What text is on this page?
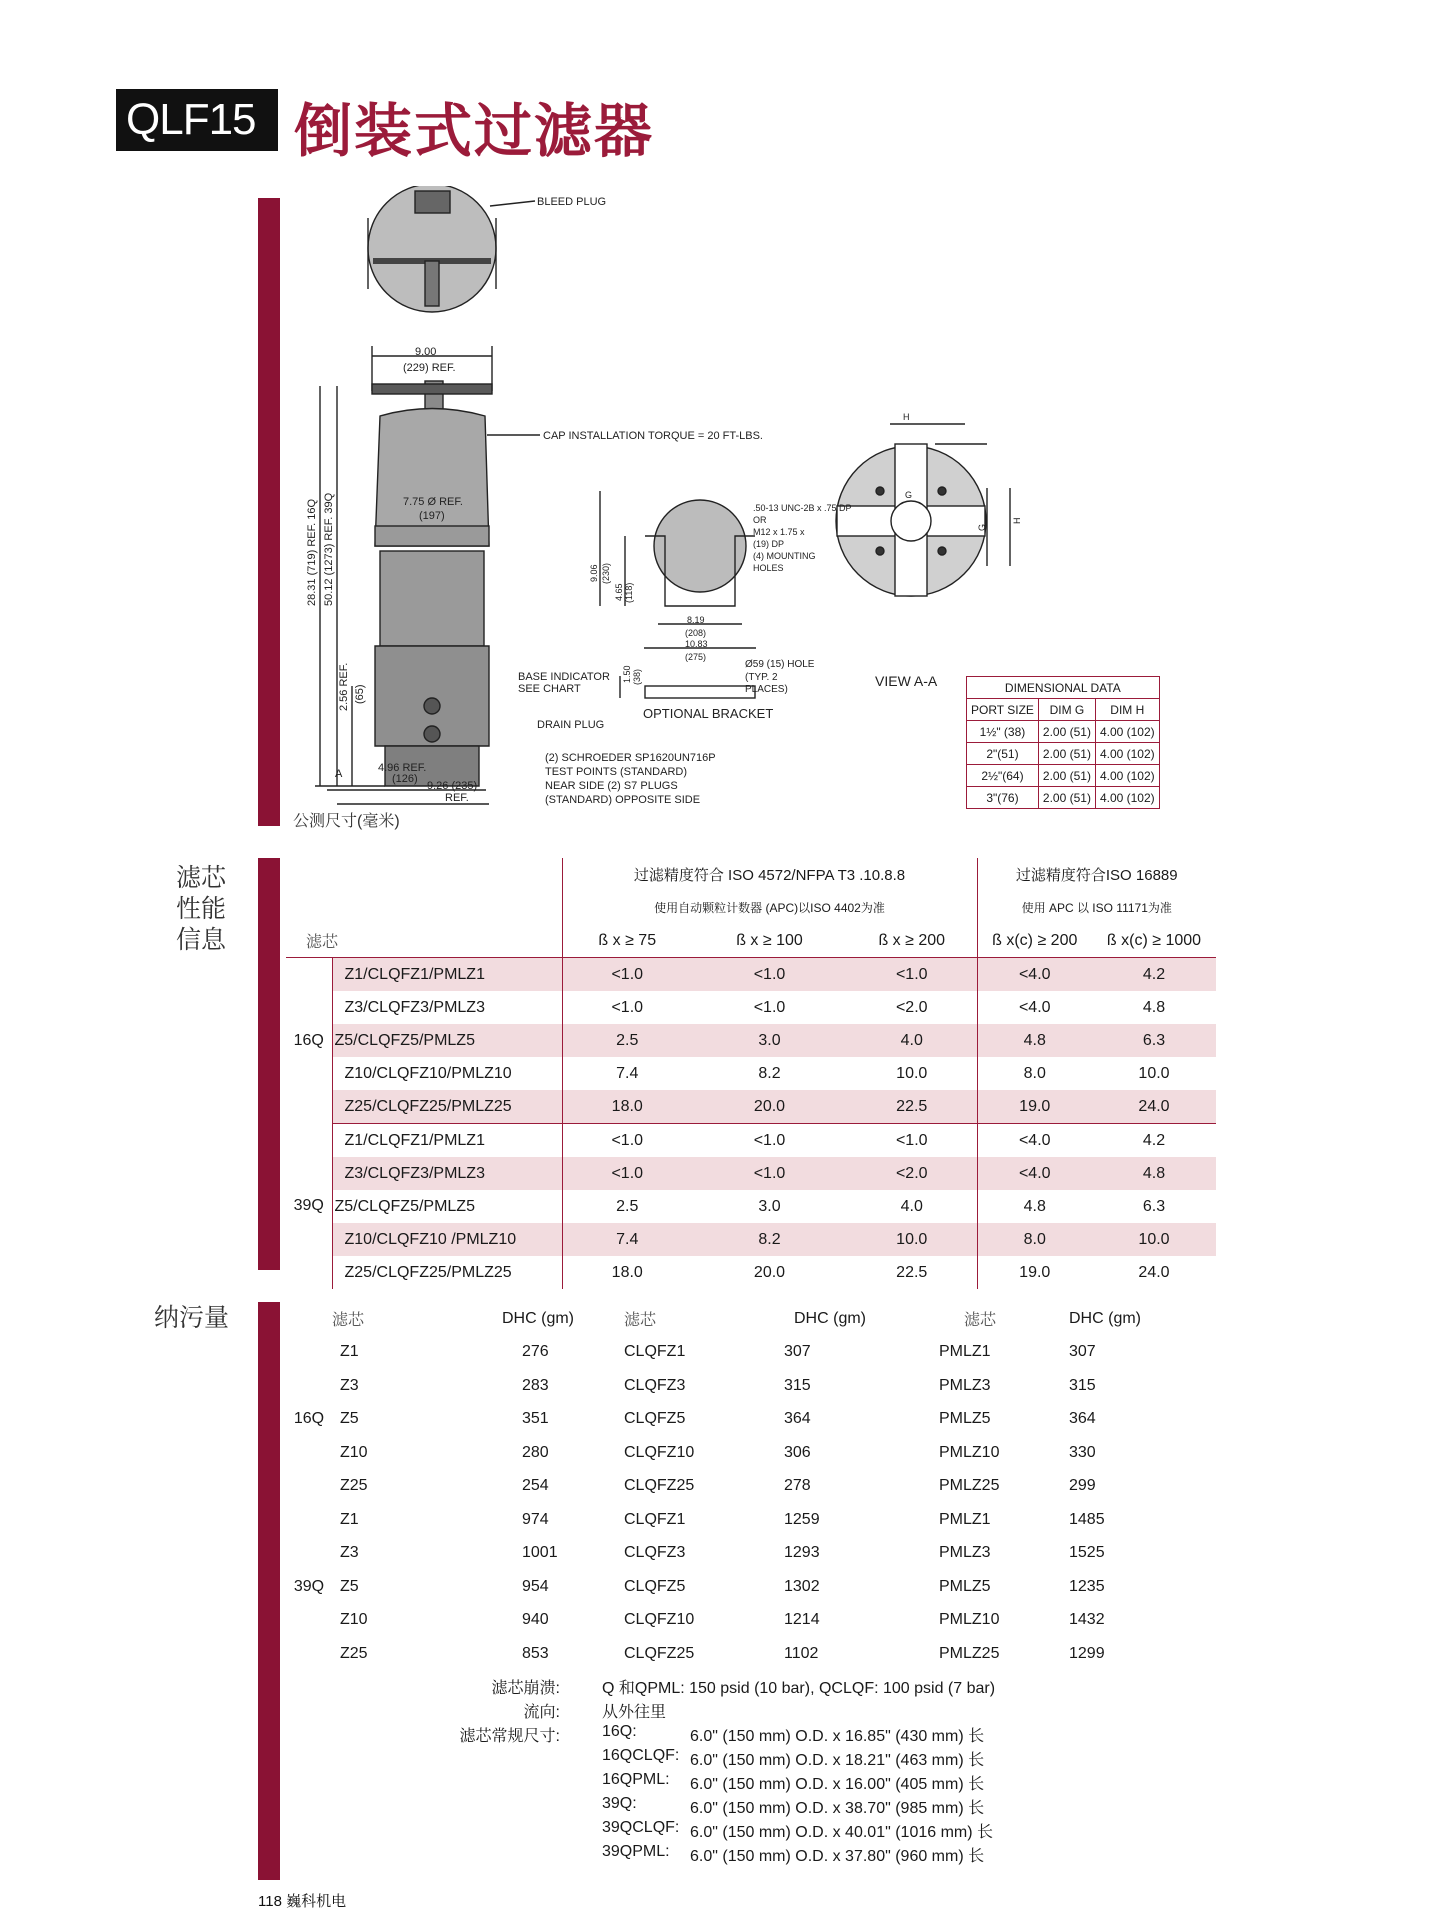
QLF15 倒装式过滤器
BLEED PLUG
9.00
(229) REF.
CAP INSTALLATION TORQUE = 20 FT-LBS.
7.75 Ø REF.
(197)
28.31 (719) REF. 16Q 50.12 (1273) REF. 39Q
2.56 REF. (65)
BASE INDICATOR
SEE CHART
DRAIN PLUG
4.96 REF.
(126)
9.26 (235)
REF.
A
(2) SCHROEDER SP1620UN716P
TEST POINTS (STANDARD)
NEAR SIDE (2) S7 PLUGS
(STANDARD) OPPOSITE SIDE
.50-13 UNC-2B x .75 DP
OR
M12 x 1.75 x
(19) DP
(4) MOUNTING
HOLES
9.06 (230)
4.65 (118)
8.19
(208)
10.83
(275)
1.50 (38)
Ø59 (15) HOLE
(TYP. 2
PLACES)
OPTIONAL BRACKET
VIEW A-A
G
H
G
H
DIMENSIONAL DATA		
PORT SIZE	DIM G	DIM H
1½" (38)	2.00 (51)	4.00 (102)
2"(51)	2.00 (51)	4.00 (102)
2½"(64)	2.00 (51)	4.00 (102)
3"(76)	2.00 (51)	4.00 (102)
公测尺寸(毫米)
滤芯
性能
信息
		过滤精度符合 ISO 4572/NFPA T3 .10.8.8			过滤精度符合ISO 16889	
		使用自动颗粒计数器 (APC)以ISO 4402为准			使用 APC 以 ISO 11171为准	
滤芯		ß x ≥ 75	ß x ≥ 100	ß x ≥ 200	ß x(c) ≥ 200	ß x(c) ≥ 1000
16Q	Z1/CLQFZ1/PMLZ1	<1.0	<1.0	<1.0	<4.0	4.2
	Z3/CLQFZ3/PMLZ3	<1.0	<1.0	<2.0	<4.0	4.8
	Z5/CLQFZ5/PMLZ5	2.5	3.0	4.0	4.8	6.3
	Z10/CLQFZ10/PMLZ10	7.4	8.2	10.0	8.0	10.0
	Z25/CLQFZ25/PMLZ25	18.0	20.0	22.5	19.0	24.0
39Q	Z1/CLQFZ1/PMLZ1	<1.0	<1.0	<1.0	<4.0	4.2
	Z3/CLQFZ3/PMLZ3	<1.0	<1.0	<2.0	<4.0	4.8
	Z5/CLQFZ5/PMLZ5	2.5	3.0	4.0	4.8	6.3
	Z10/CLQFZ10 /PMLZ10	7.4	8.2	10.0	8.0	10.0
	Z25/CLQFZ25/PMLZ25	18.0	20.0	22.5	19.0	24.0
纳污量
		滤芯	DHC (gm)	滤芯	DHC (gm)	滤芯	DHC (gm)
16Q	Z1	276	CLQFZ1	307	PMLZ1	307
	Z3	283	CLQFZ3	315	PMLZ3	315
	Z5	351	CLQFZ5	364	PMLZ5	364
	Z10	280	CLQFZ10	306	PMLZ10	330
	Z25	254	CLQFZ25	278	PMLZ25	299
39Q	Z1	974	CLQFZ1	1259	PMLZ1	1485
	Z3	1001	CLQFZ3	1293	PMLZ3	1525
	Z5	954	CLQFZ5	1302	PMLZ5	1235
	Z10	940	CLQFZ10	1214	PMLZ10	1432
	Z25	853	CLQFZ25	1102	PMLZ25	1299
滤芯崩溃:	Q 和QPML: 150 psid (10 bar), QCLQF: 100 psid (7 bar)	
流向:	从外往里	
滤芯常规尺寸:	16Q:	6.0" (150 mm) O.D. x 16.85" (430 mm) 长
	16QCLQF:	6.0" (150 mm) O.D. x 18.21" (463 mm) 长
	16QPML:	6.0" (150 mm) O.D. x 16.00" (405 mm) 长
	39Q:	6.0" (150 mm) O.D. x 38.70" (985 mm) 长
	39QCLQF:	6.0" (150 mm) O.D. x 40.01" (1016 mm) 长
	39QPML:	6.0" (150 mm) O.D. x 37.80" (960 mm) 长
118 巍科机电
